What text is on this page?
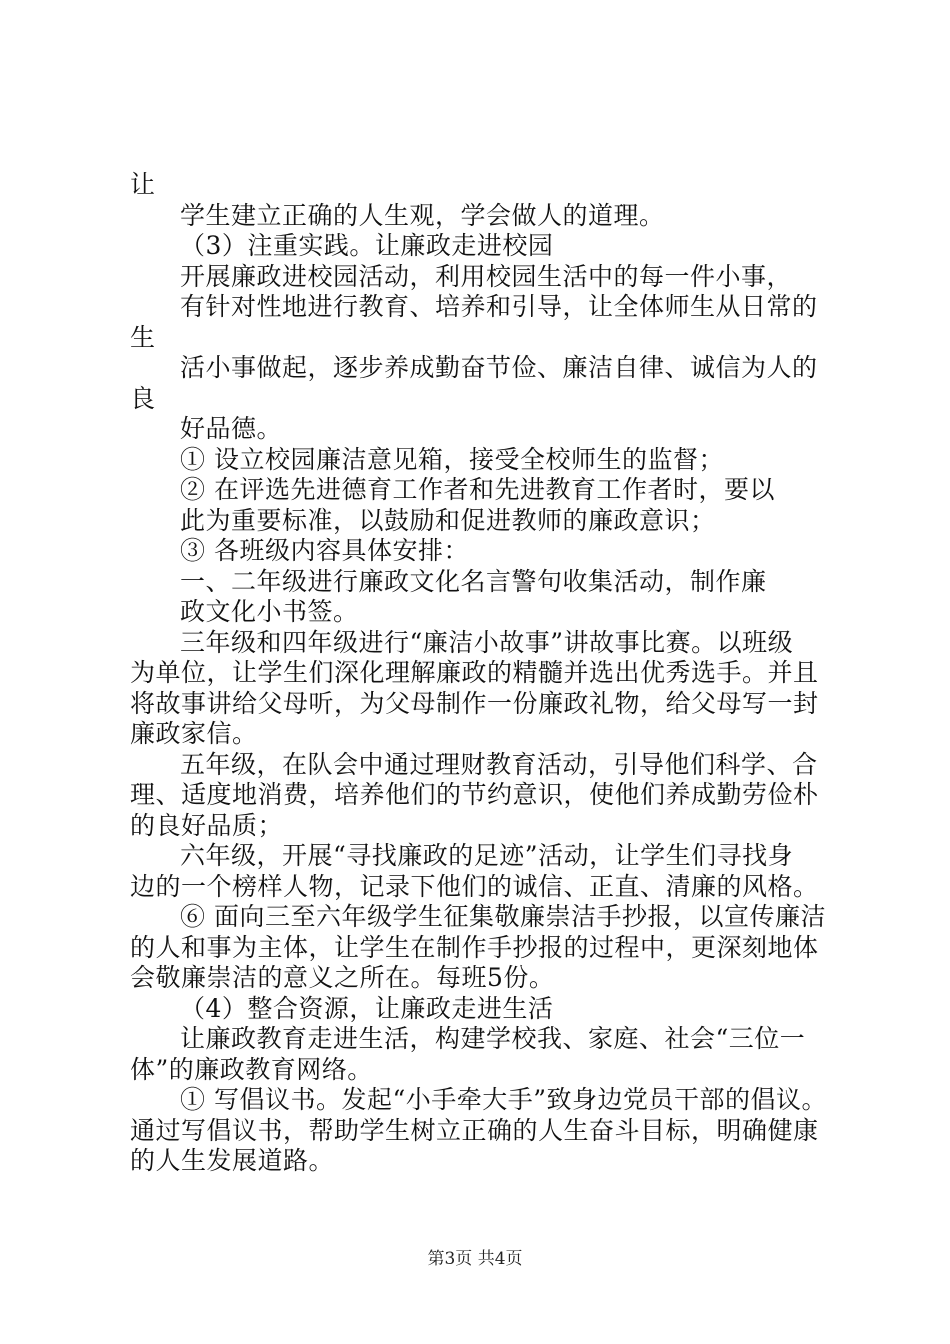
让
学生建立正确的人生观，学会做人的道理。
（3）注重实践。让廉政走进校园
开展廉政进校园活动，利用校园生活中的每一件小事，
有针对性地进行教育、培养和引导，让全体师生从日常的
生
活小事做起，逐步养成勤奋节俭、廉洁自律、诚信为人的
良
好品德。
① 设立校园廉洁意见箱，接受全校师生的监督；
② 在评选先进德育工作者和先进教育工作者时，要以
此为重要标准，以鼓励和促进教师的廉政意识；
③ 各班级内容具体安排：
一、二年级进行廉政文化名言警句收集活动，制作廉
政文化小书签。
三年级和四年级进行“廉洁小故事”讲故事比赛。以班级
为单位，让学生们深化理解廉政的精髓并选出优秀选手。并且
将故事讲给父母听，为父母制作一份廉政礼物，给父母写一封
廉政家信。
五年级，在队会中通过理财教育活动，引导他们科学、合
理、适度地消费，培养他们的节约意识，使他们养成勤劳俭朴
的良好品质；
六年级，开展“寻找廉政的足迹”活动，让学生们寻找身
边的一个榜样人物，记录下他们的诚信、正直、清廉的风格。
⑥ 面向三至六年级学生征集敬廉崇洁手抄报，以宣传廉洁
的人和事为主体，让学生在制作手抄报的过程中，更深刻地体
会敬廉崇洁的意义之所在。每班5份。
（4）整合资源，让廉政走进生活
让廉政教育走进生活，构建学校我、家庭、社会“三位一
体”的廉政教育网络。
① 写倡议书。发起“小手牵大手”致身边党员干部的倡议。
通过写倡议书，帮助学生树立正确的人生奋斗目标，明确健康
的人生发展道路。
第3页 共4页
